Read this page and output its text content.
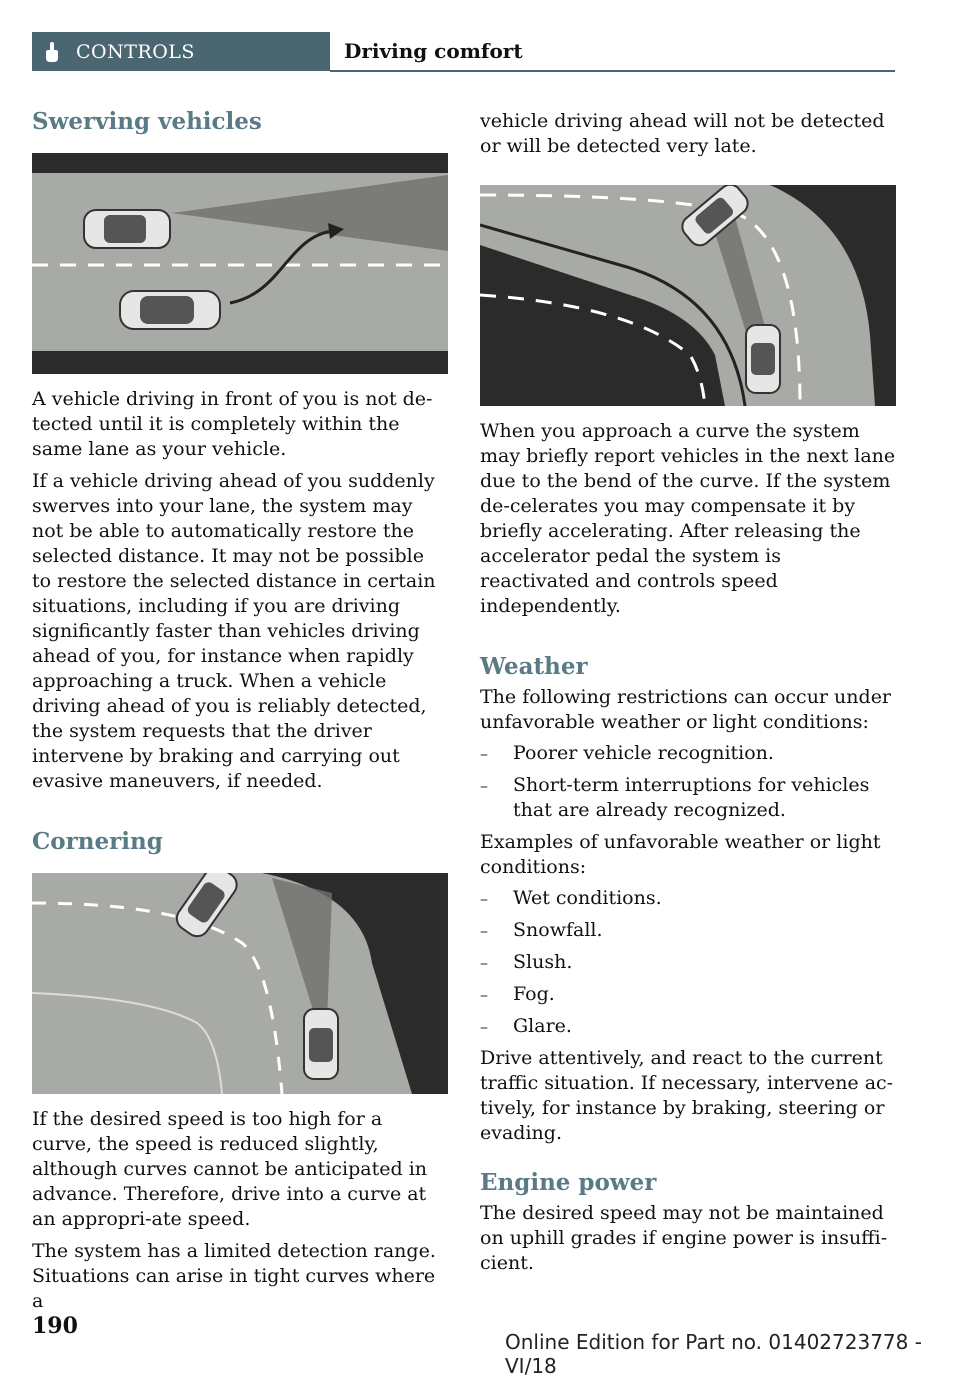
CONTROLS	Driving comfort
Swerving vehicles

A vehicle driving in front of you is not de-tected until it is completely within the same lane as your vehicle.

If a vehicle driving ahead of you suddenly swerves into your lane, the system may not be able to automatically restore the selected distance. It may not be possible to restore the selected distance in certain situations, including if you are driving significantly faster than vehicles driving ahead of you, for instance when rapidly approaching a truck. When a vehicle driving ahead of you is reliably detected, the system requests that the driver intervene by braking and carrying out evasive maneuvers, if needed.

Cornering

If the desired speed is too high for a curve, the speed is reduced slightly, although curves cannot be anticipated in advance. Therefore, drive into a curve at an appropri-ate speed.

The system has a limited detection range. Situations can arise in tight curves where a

vehicle driving ahead will not be detected or will be detected very late.

When you approach a curve the system may briefly report vehicles in the next lane due to the bend of the curve. If the system de-celerates you may compensate it by briefly accelerating. After releasing the accelerator pedal the system is reactivated and controls speed independently.

Weather

The following restrictions can occur under unfavorable weather or light conditions:

– Poorer vehicle recognition.
– Short-term interruptions for vehicles that are already recognized.

Examples of unfavorable weather or light conditions:

– Wet conditions.
– Snowfall.
– Slush.
– Fog.
– Glare.

Drive attentively, and react to the current traffic situation. If necessary, intervene ac-tively, for instance by braking, steering or evading.

Engine power

The desired speed may not be maintained on uphill grades if engine power is insuffi-cient.

190
Online Edition for Part no. 01402723778 - VI/18
